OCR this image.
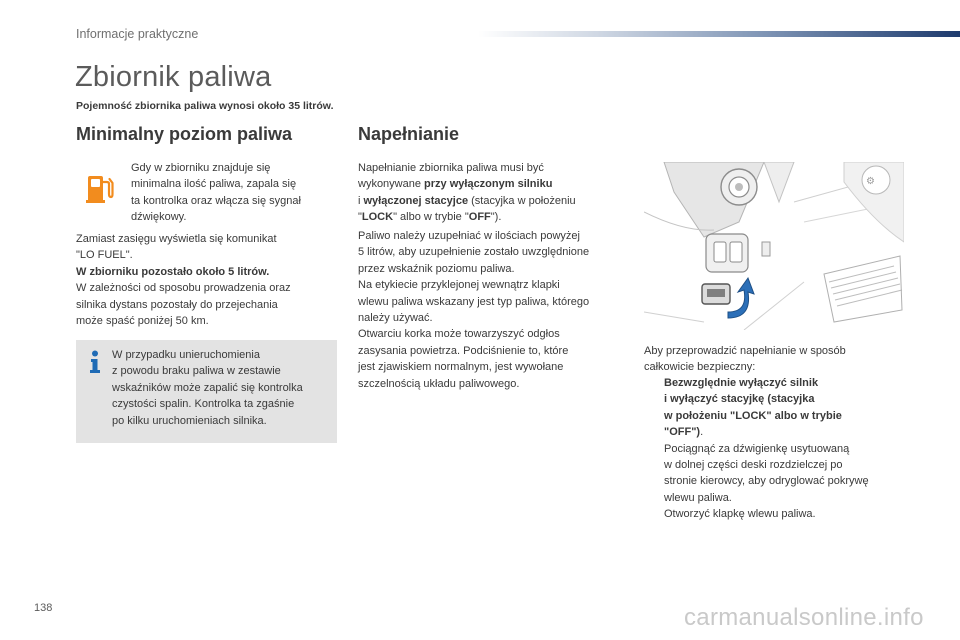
Informacje praktyczne
Zbiornik paliwa
Pojemność zbiornika paliwa wynosi około 35 litrów.
Minimalny poziom paliwa
Gdy w zbiorniku znajduje się
minimalna ilość paliwa, zapala się
ta kontrolka oraz włącza się sygnał
dźwiękowy.
Zamiast zasięgu wyświetla się komunikat
"LO FUEL".
W zbiorniku pozostało około 5 litrów.
W zależności od sposobu prowadzenia oraz
silnika dystans pozostały do przejechania
może spaść poniżej 50 km.
W przypadku unieruchomienia
z powodu braku paliwa w zestawie
wskaźników może zapalić się kontrolka
czystości spalin. Kontrolka ta zgaśnie
po kilku uruchomieniach silnika.
Napełnianie
Napełnianie zbiornika paliwa musi być
wykonywane przy wyłączonym silniku
i wyłączonej stacyjce (stacyjka w położeniu
"LOCK" albo w trybie "OFF").
Paliwo należy uzupełniać w ilościach powyżej
5 litrów, aby uzupełnienie zostało uwzględnione
przez wskaźnik poziomu paliwa.
Na etykiecie przyklejonej wewnątrz klapki
wlewu paliwa wskazany jest typ paliwa, którego
należy używać.
Otwarciu korka może towarzyszyć odgłos
zasysania powietrza. Podciśnienie to, które
jest zjawiskiem normalnym, jest wywołane
szczelnością układu paliwowego.
⚙
Aby przeprowadzić napełnianie w sposób
całkowicie bezpieczny:
Bezwzględnie wyłączyć silnik
i wyłączyć stacyjkę (stacyjka
w położeniu "LOCK" albo w trybie
"OFF").
Pociągnąć za dźwigienkę usytuowaną
w dolnej części deski rozdzielczej po
stronie kierowcy, aby odryglować pokrywę
wlewu paliwa.
Otworzyć klapkę wlewu paliwa.
138	carmanualsonline.info
